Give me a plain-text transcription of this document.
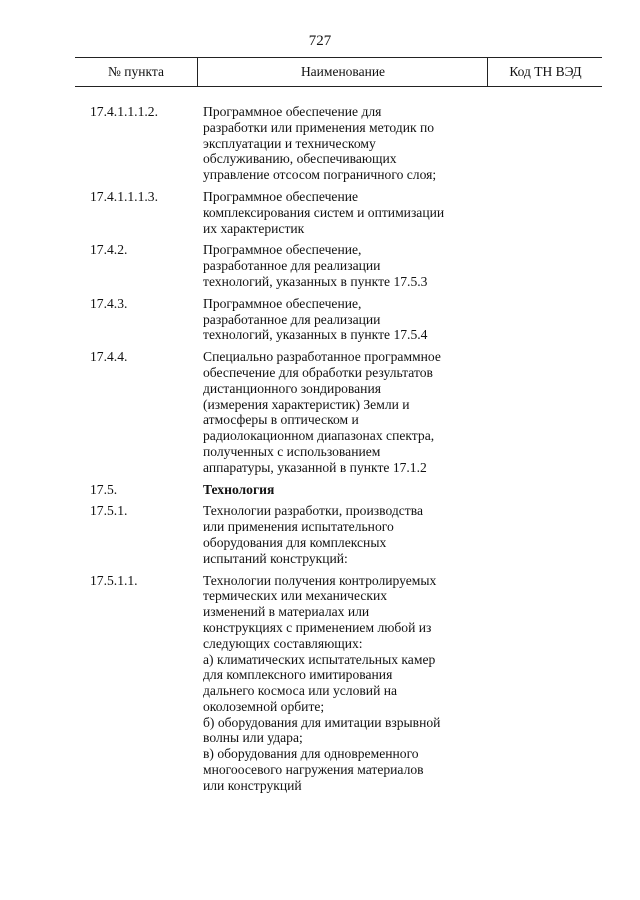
727
№ пункта	Наименование	Код ТН ВЭД
17.4.1.1.1.2.	Программное обеспечение для
разработки или применения методик по
эксплуатации и техническому
обслуживанию, обеспечивающих
управление отсосом пограничного слоя;
17.4.1.1.1.3.	Программное обеспечение
комплексирования систем и оптимизации
их характеристик
17.4.2.	Программное обеспечение,
разработанное для реализации
технологий, указанных в пункте 17.5.3
17.4.3.	Программное обеспечение,
разработанное для реализации
технологий, указанных в пункте 17.5.4
17.4.4.	Специально разработанное программное
обеспечение для обработки результатов
дистанционного зондирования
(измерения характеристик) Земли и
атмосферы в оптическом и
радиолокационном диапазонах спектра,
полученных с использованием
аппаратуры, указанной в пункте 17.1.2
17.5.	Технология
17.5.1.	Технологии разработки, производства
или применения испытательного
оборудования для комплексных
испытаний конструкций:
17.5.1.1.	Технологии получения контролируемых
термических или механических
изменений в материалах или
конструкциях с применением любой из
следующих составляющих:
а) климатических испытательных камер
для комплексного имитирования
дальнего космоса или условий на
околоземной орбите;
б) оборудования для имитации взрывной
волны или удара;
в) оборудования для одновременного
многоосевого нагружения материалов
или конструкций
